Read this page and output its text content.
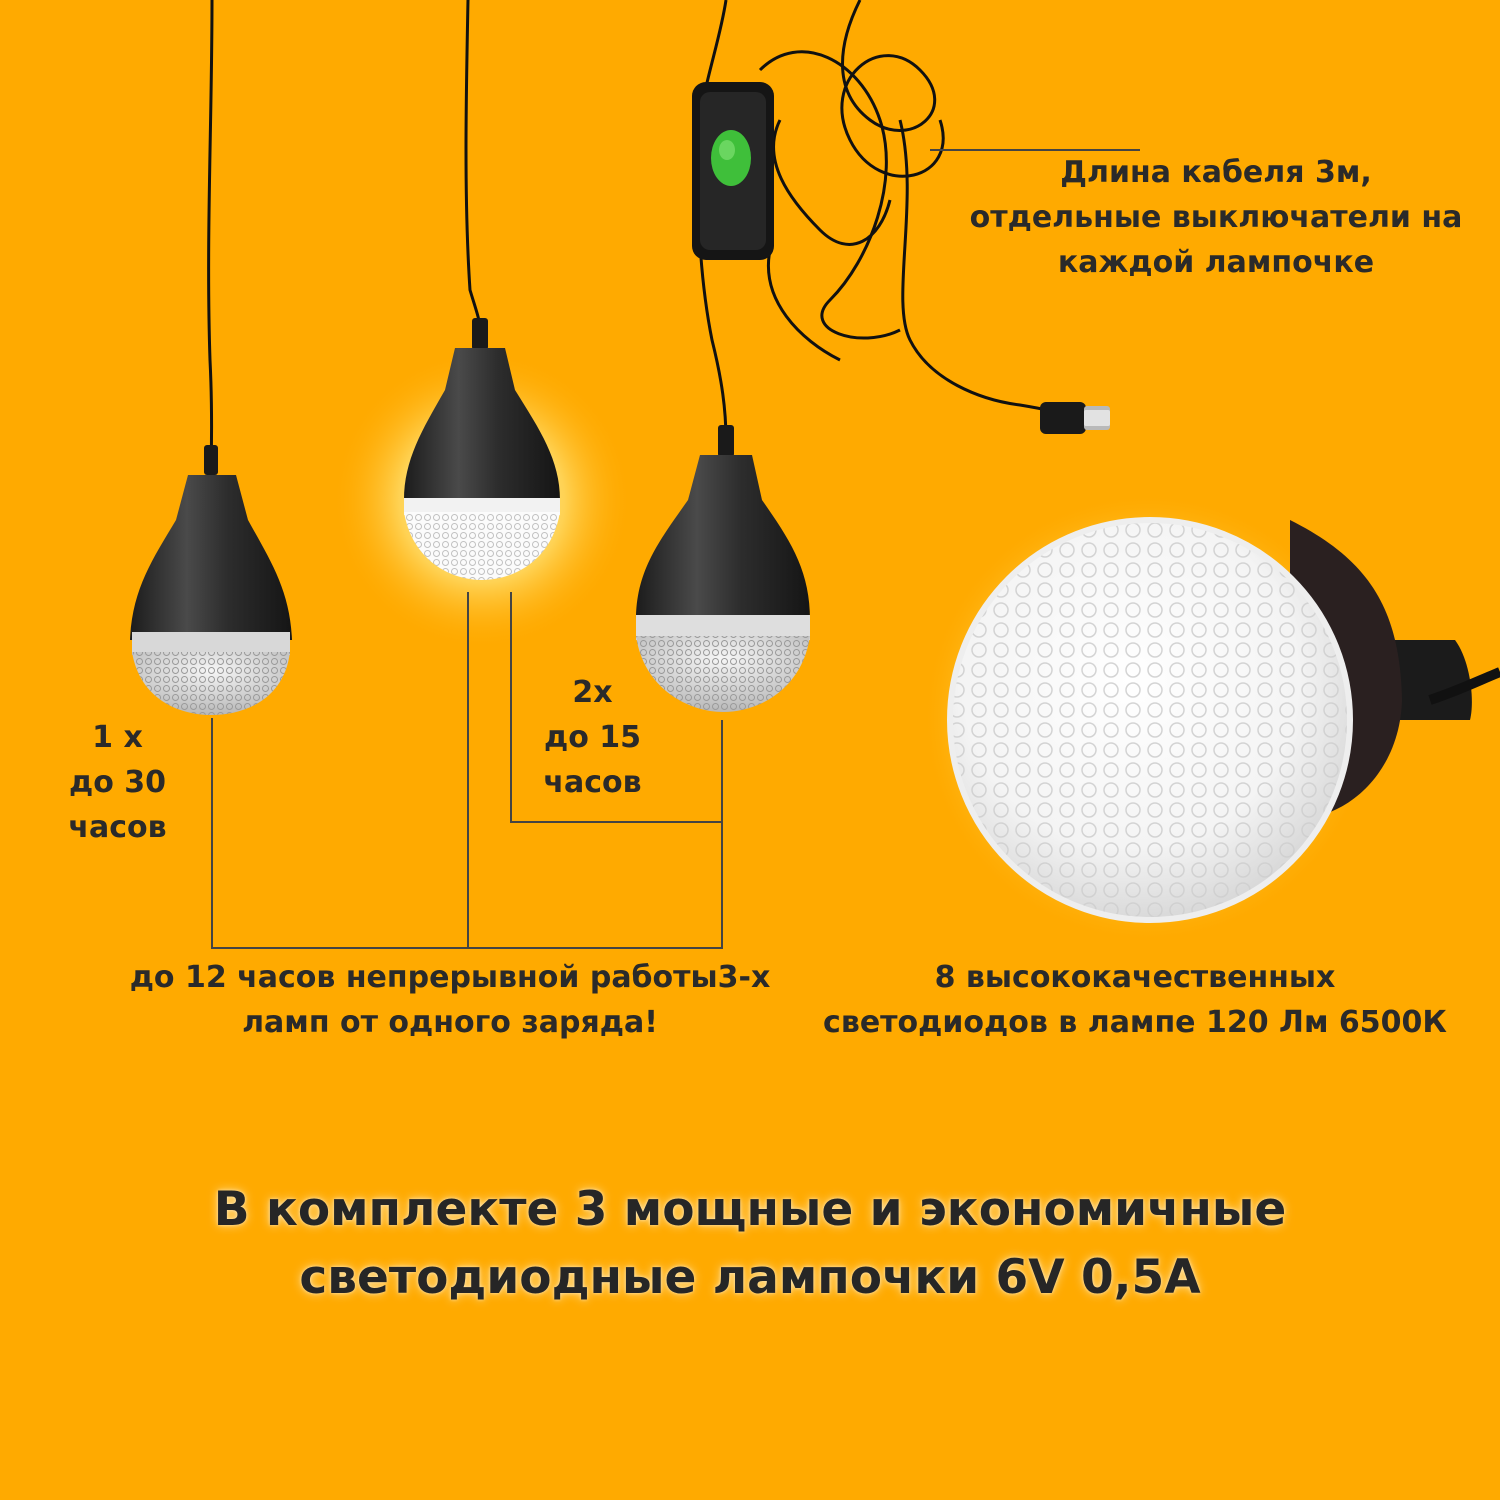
Длина кабеля 3м,
отдельные выключатели на
каждой лампочке
1 х
до 30
часов
2х
до 15
часов
до 12 часов непрерывной работы3-х
ламп от одного заряда!
8 высококачественных
светодиодов в лампе 120 Лм 6500К
В комплекте 3 мощные и экономичные
светодиодные лампочки 6V 0,5А
